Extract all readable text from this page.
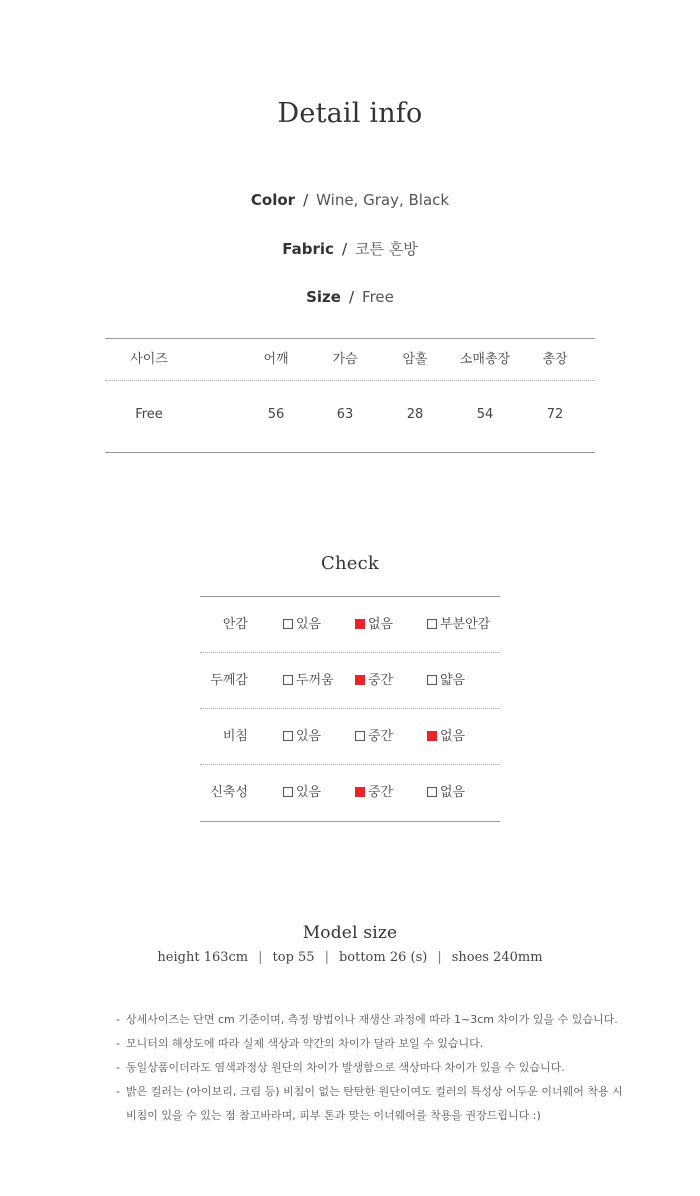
Detail info
Color / Wine, Gray, Black
Fabric / 코튼 혼방
Size / Free
사이즈	어깨	가슴	암홀	소매총장	총장
Free	56	63	28	54	72
Check
안감	있음	없음	부분안감
두께감	두꺼움	중간	얇음
비침	있음	중간	없음
신축성	있음	중간	없음
Model size
height 163cm | top 55 | bottom 26 (s) | shoes 240mm
- 상세사이즈는 단면 cm 기준이며, 측정 방법이나 재생산 과정에 따라 1~3cm 차이가 있을 수 있습니다.
- 모니터의 해상도에 따라 실제 색상과 약간의 차이가 달라 보일 수 있습니다.
- 동일상품이더라도 염색과정상 원단의 차이가 발생함으로 색상마다 차이가 있을 수 있습니다.
- 밝은 컬러는 (아이보리, 크림 등) 비침이 없는 탄탄한 원단이여도 컬러의 특성상 어두운 이너웨어 착용 시
비침이 있을 수 있는 점 참고바라며, 피부 톤과 맞는 이너웨어를 착용을 권장드립니다 :)
